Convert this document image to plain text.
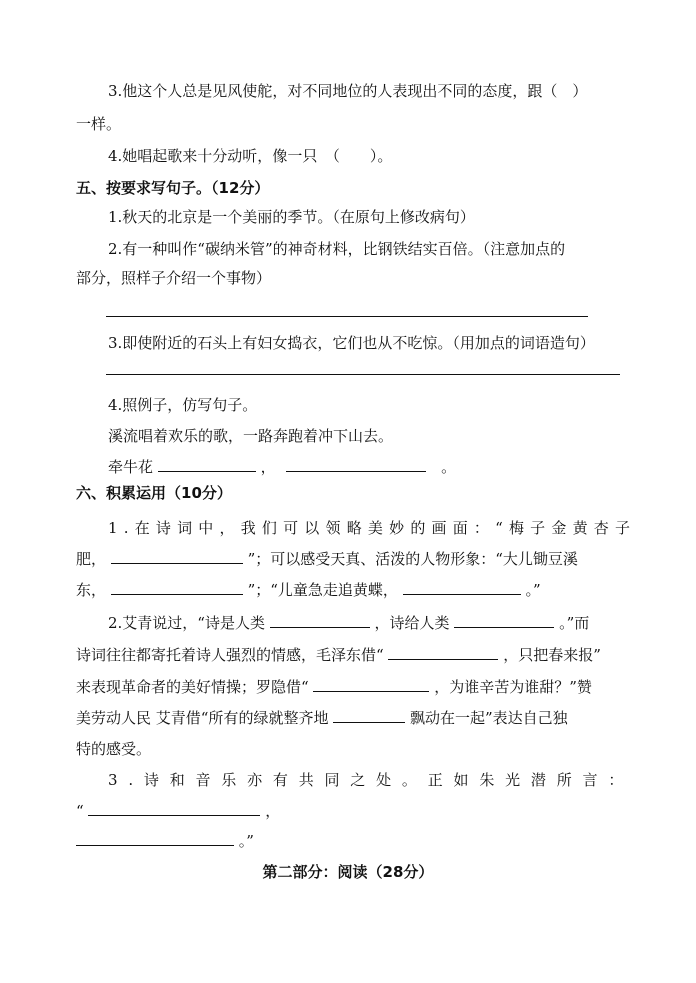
3.他这个人总是见风使舵，对不同地位的人表现出不同的态度，跟（　）
一样。
4.她唱起歌来十分动听，像一只　（　　）。
五、按要求写句子。（12分）
1.秋天的北京是一个美丽的季节。（在原句上修改病句）
2.有一种叫作“碳纳米管”的神奇材料，比钢铁结实百倍。（注意加点的
部分，照样子介绍一个事物）
3.即使附近的石头上有妇女捣衣，它们也从不吃惊。（用加点的词语造句）
4.照例子，仿写句子。
溪流唱着欢乐的歌，一路奔跑着冲下山去。
牵牛花	，	。
六、积累运用（10分）
1.在诗词中，我们可以领略美妙的画面：“梅子金黄杏子
肥，	”；可以感受天真、活泼的人物形象：“大儿锄豆溪
东，	”；“儿童急走追黄蝶，	。”
2.艾青说过，“诗是人类	，诗给人类	。”而
诗词往往都寄托着诗人强烈的情感，毛泽东借“	，只把春来报”
来表现革命者的美好情操；罗隐借“	，为谁辛苦为谁甜？”赞
美劳动人民 艾青借“所有的绿就整齐地	飘动在一起”表达自己独
特的感受。
3.诗和音乐亦有共同之处。正如朱光潜所言：
“	，
。”
第二部分：阅读（28分）
